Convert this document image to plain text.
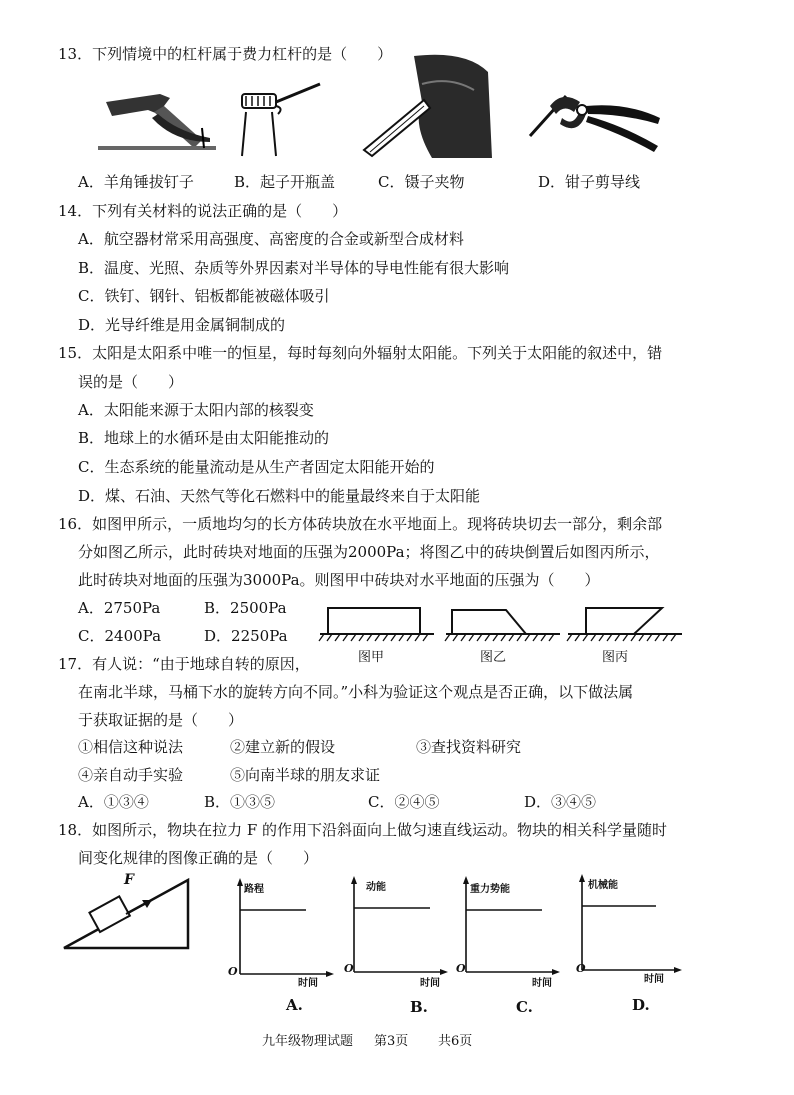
13．下列情境中的杠杆属于费力杠杆的是（　　）
A．羊角锤拔钉子	B．起子开瓶盖	C．镊子夹物	D．钳子剪导线
14．下列有关材料的说法正确的是（　　）
A．航空器材常采用高强度、高密度的合金或新型合成材料
B．温度、光照、杂质等外界因素对半导体的导电性能有很大影响
C．铁钉、钢针、铝板都能被磁体吸引
D．光导纤维是用金属铜制成的
15．太阳是太阳系中唯一的恒星，每时每刻向外辐射太阳能。下列关于太阳能的叙述中，错
误的是（　　）
A．太阳能来源于太阳内部的核裂变
B．地球上的水循环是由太阳能推动的
C．生态系统的能量流动是从生产者固定太阳能开始的
D．煤、石油、天然气等化石燃料中的能量最终来自于太阳能
16．如图甲所示，一质地均匀的长方体砖块放在水平地面上。现将砖块切去一部分，剩余部
分如图乙所示，此时砖块对地面的压强为2000Pa；将图乙中的砖块倒置后如图丙所示，
此时砖块对地面的压强为3000Pa。则图甲中砖块对水平地面的压强为（　　）
A．2750Pa	B．2500Pa
C．2400Pa	D．2250Pa
图甲	图乙	图丙
17．有人说：“由于地球自转的原因，
在南北半球，马桶下水的旋转方向不同。”小科为验证这个观点是否正确，以下做法属
于获取证据的是（　　）
①相信这种说法	②建立新的假设	③查找资料研究
④亲自动手实验	⑤向南半球的朋友求证
A．①③④	B．①③⑤	C．②④⑤	D．③④⑤
18．如图所示，物块在拉力 F 的作用下沿斜面向上做匀速直线运动。物块的相关科学量随时
间变化规律的图像正确的是（　　）
F
路程
O
时间
A.
动能
O
时间
B.
重力势能
O
时间
C.
机械能
O
时间
D.
九年级物理试题 第3页 共6页
